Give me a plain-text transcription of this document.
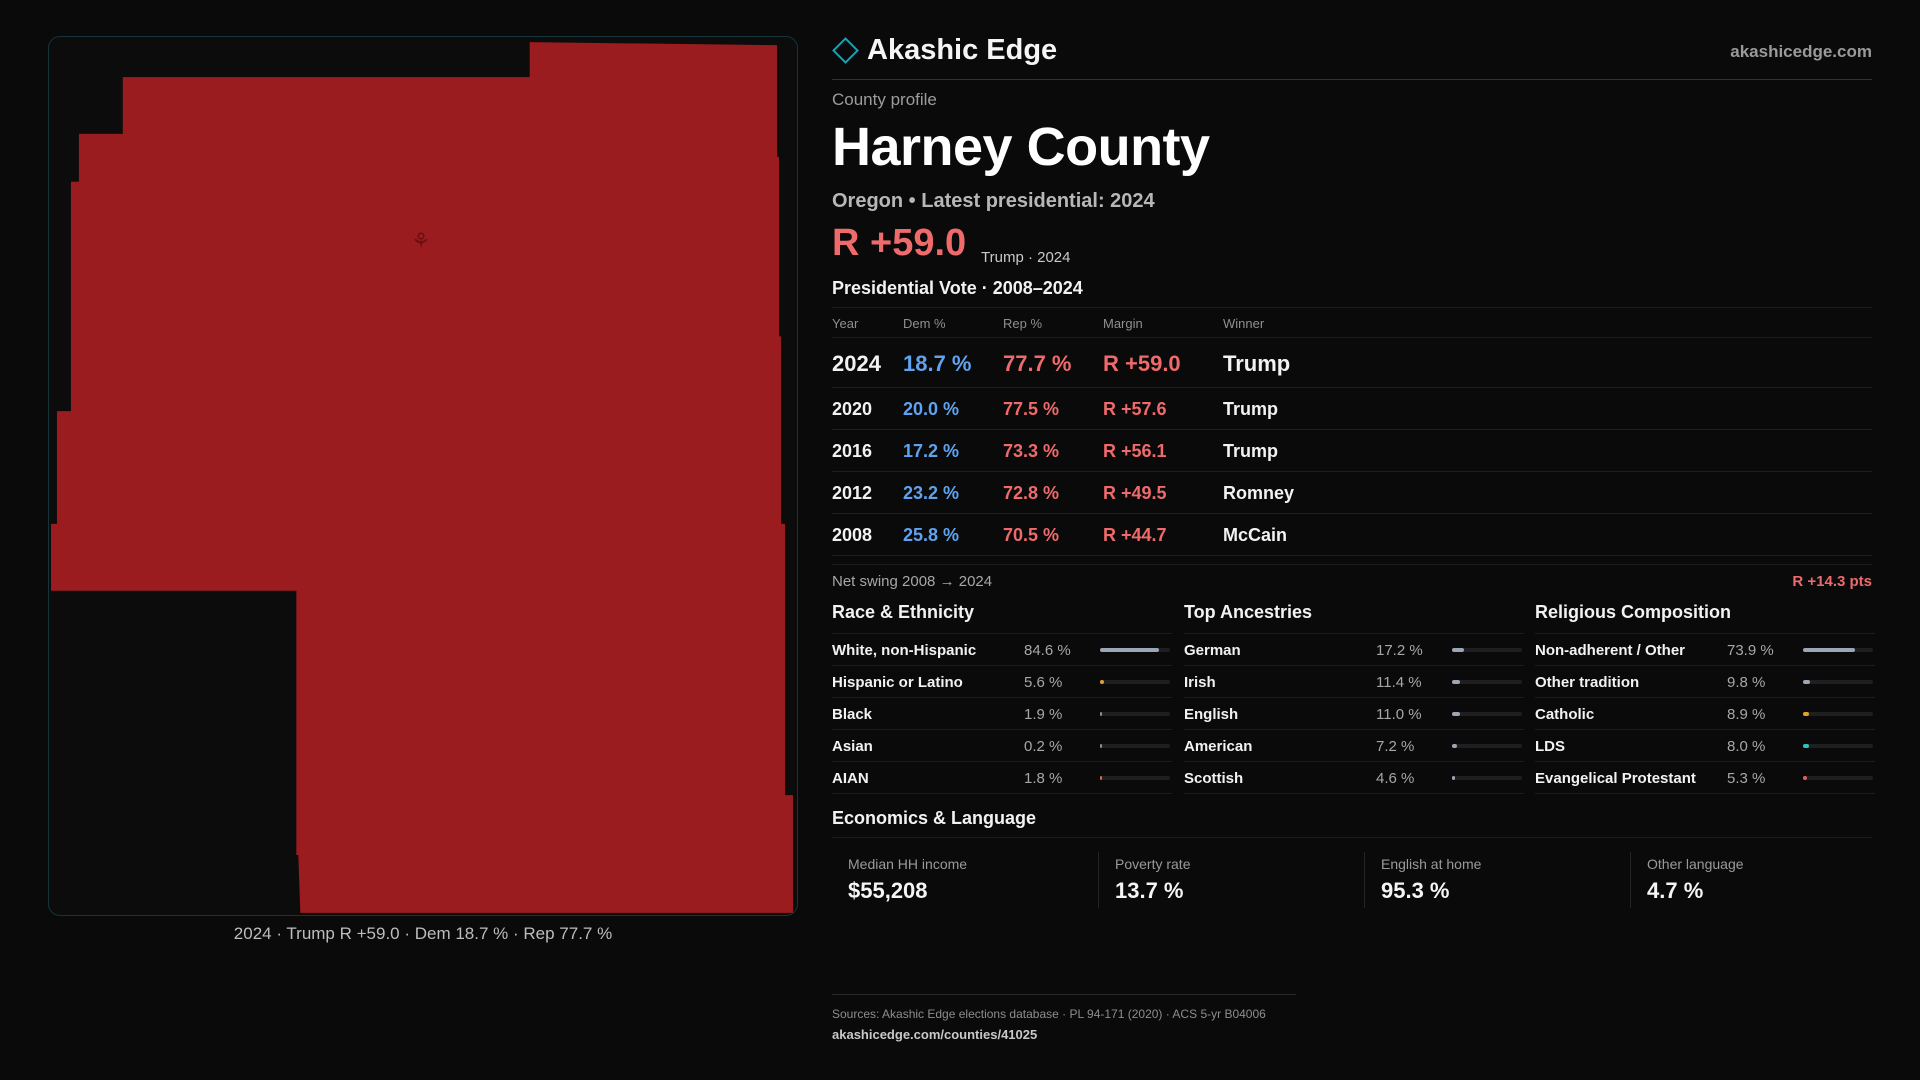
⚘
2024 · Trump R +59.0 · Dem 18.7 % · Rep 77.7 %
Akashic Edge	akashicedge.com
County profile
Harney County
Oregon • Latest presidential: 2024
R +59.0 Trump · 2024
Presidential Vote · 2008–2024
Year	Dem %	Rep %	Margin	Winner
2024 18.7 % 77.7 % R +59.0 Trump
2020 20.0 % 77.5 % R +57.6	Trump
2016 17.2 % 73.3 % R +56.1	Trump
2012 23.2 % 72.8 % R +49.5	Romney
2008 25.8 % 70.5 % R +44.7	McCain
Net swing 2008 → 2024	R +14.3 pts
Race & Ethnicity
White, non-Hispanic	84.6 %
Hispanic or Latino	5.6 %
Black	1.9 %
Asian	0.2 %
AIAN	1.8 %
Top Ancestries
German	17.2 %
Irish	11.4 %
English	11.0 %
American	7.2 %
Scottish	4.6 %
Religious Composition
Non-adherent / Other	73.9 %
Other tradition	9.8 %
Catholic	8.9 %
LDS	8.0 %
Evangelical Protestant 5.3 %
Economics & Language
Median HH income
$55,208
Poverty rate
13.7 %
English at home
95.3 %
Other language
4.7 %
Sources: Akashic Edge elections database · PL 94-171 (2020) · ACS 5-yr B04006
akashicedge.com/counties/41025
